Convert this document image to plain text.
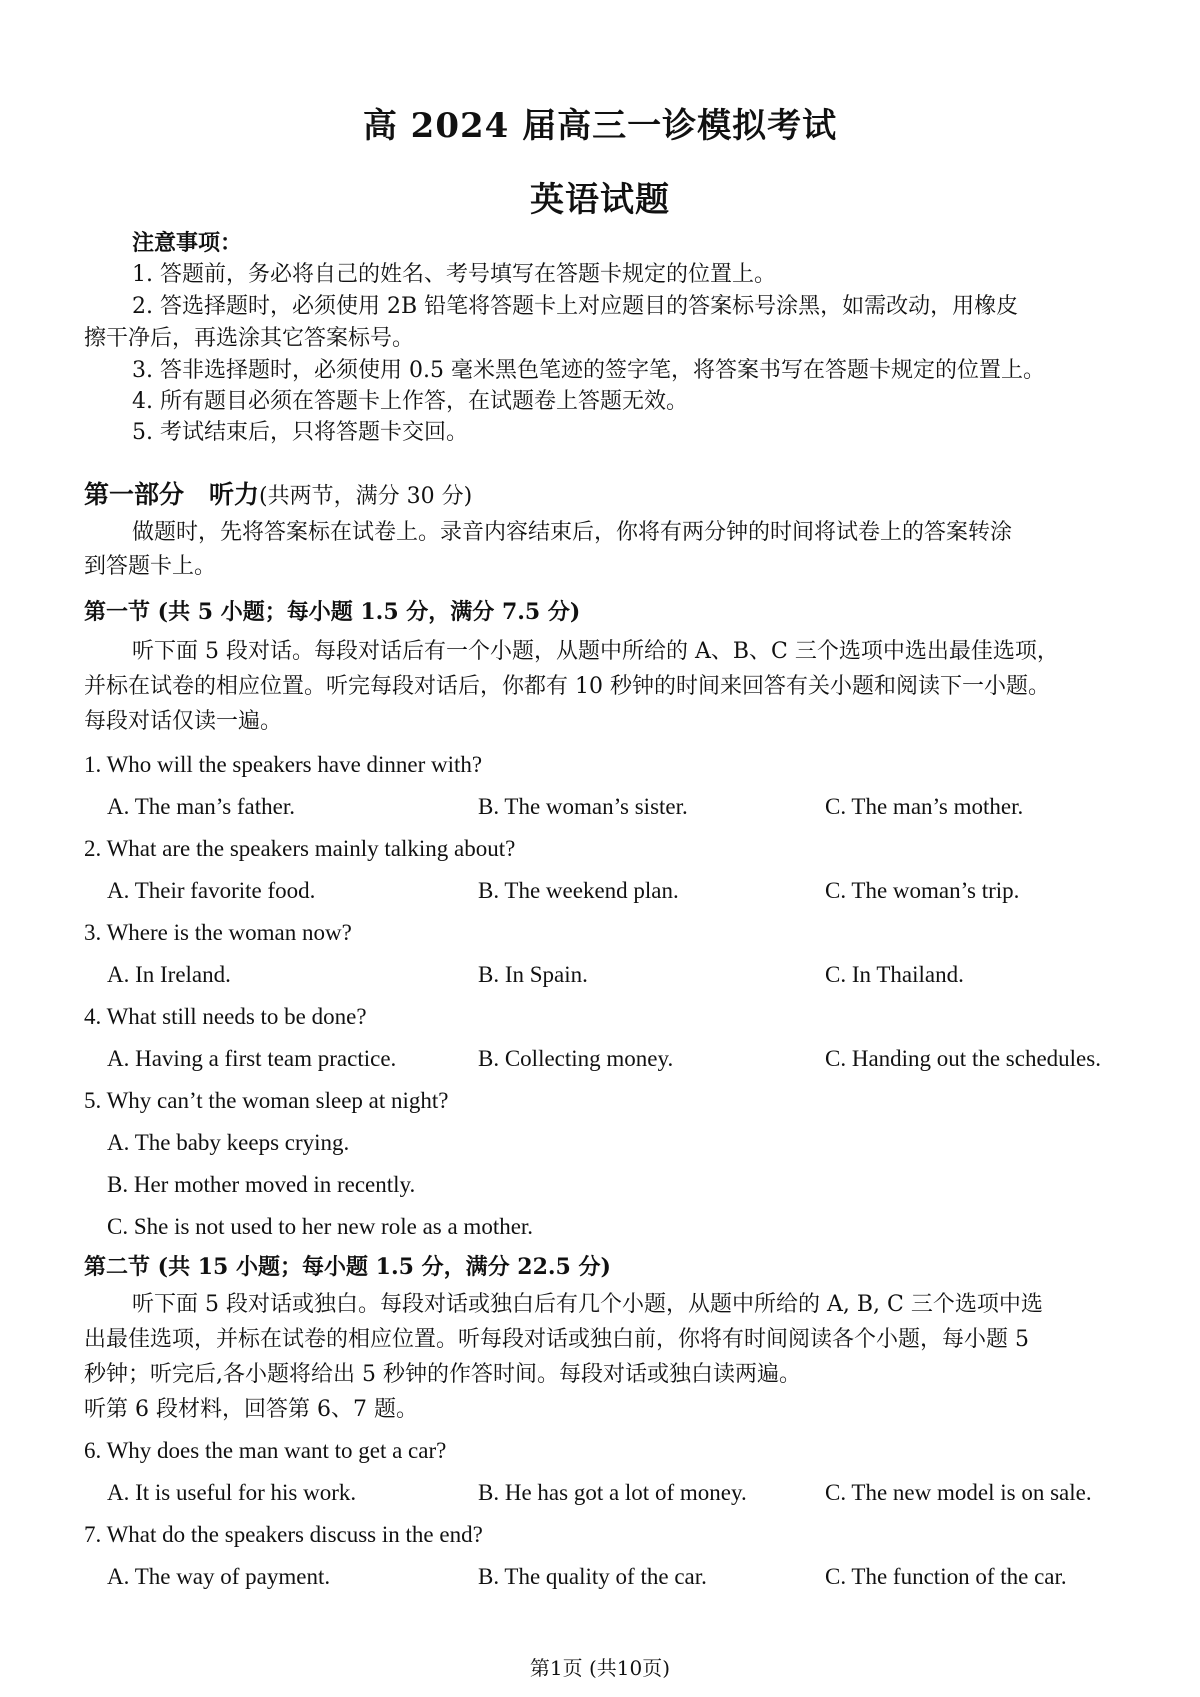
高 2024 届高三一诊模拟考试
英语试题
注意事项：
1. 答题前，务必将自己的姓名、考号填写在答题卡规定的位置上。
2. 答选择题时，必须使用 2B 铅笔将答题卡上对应题目的答案标号涂黑，如需改动，用橡皮
擦干净后，再选涂其它答案标号。
3. 答非选择题时，必须使用 0.5 毫米黑色笔迹的签字笔，将答案书写在答题卡规定的位置上。
4. 所有题目必须在答题卡上作答，在试题卷上答题无效。
5. 考试结束后，只将答题卡交回。
第一部分　听力(共两节，满分 30 分)
做题时，先将答案标在试卷上。录音内容结束后，你将有两分钟的时间将试卷上的答案转涂
到答题卡上。
第一节 (共 5 小题；每小题 1.5 分，满分 7.5 分)
听下面 5 段对话。每段对话后有一个小题，从题中所给的 A、B、C 三个选项中选出最佳选项，
并标在试卷的相应位置。听完每段对话后，你都有 10 秒钟的时间来回答有关小题和阅读下一小题。
每段对话仅读一遍。
1. Who will the speakers have dinner with?
A. The man’s father.	B. The woman’s sister.	C. The man’s mother.
2. What are the speakers mainly talking about?
A. Their favorite food.	B. The weekend plan.	C. The woman’s trip.
3. Where is the woman now?
A. In Ireland.	B. In Spain.	C. In Thailand.
4. What still needs to be done?
A. Having a first team practice.	B. Collecting money.	C. Handing out the schedules.
5. Why can’t the woman sleep at night?
A. The baby keeps crying.
B. Her mother moved in recently.
C. She is not used to her new role as a mother.
第二节 (共 15 小题；每小题 1.5 分，满分 22.5 分)
听下面 5 段对话或独白。每段对话或独白后有几个小题，从题中所给的 A, B, C 三个选项中选
出最佳选项，并标在试卷的相应位置。听每段对话或独白前，你将有时间阅读各个小题，每小题 5
秒钟；听完后,各小题将给出 5 秒钟的作答时间。每段对话或独白读两遍。
听第 6 段材料，回答第 6、7 题。
6. Why does the man want to get a car?
A. It is useful for his work.	B. He has got a lot of money.	C. The new model is on sale.
7. What do the speakers discuss in the end?
A. The way of payment.	B. The quality of the car.	C. The function of the car.
第1页 (共10页)
